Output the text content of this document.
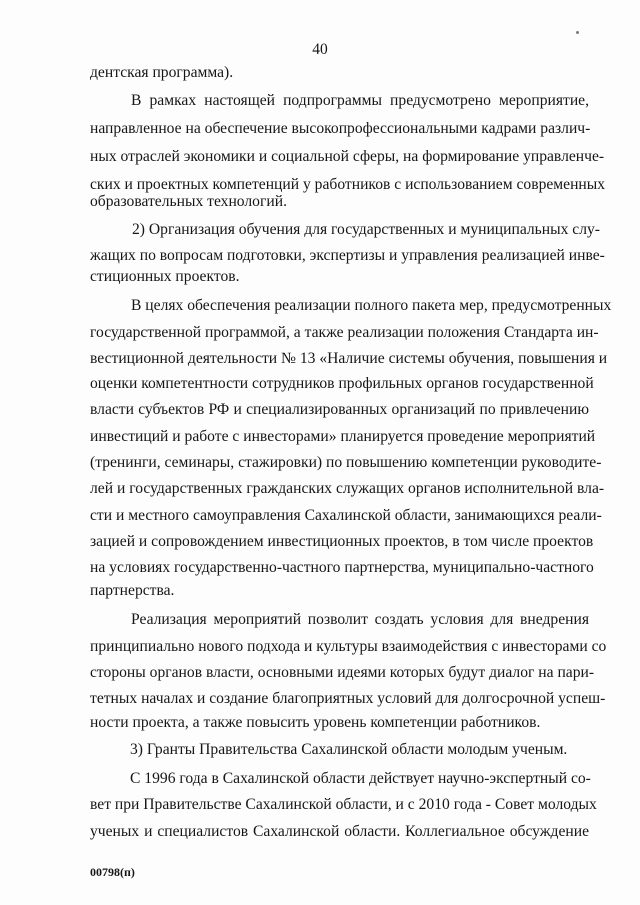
40
дентская программа).
В рамках настоящей подпрограммы предусмотрено мероприятие,
направленное на обеспечение высокопрофессиональными кадрами различ-
ных отраслей экономики и социальной сферы, на формирование управленче-
ских и проектных компетенций у работников с использованием современных
образовательных технологий.
2) Организация обучения для государственных и муниципальных слу-
жащих по вопросам подготовки, экспертизы и управления реализацией инве-
стиционных проектов.
В целях обеспечения реализации полного пакета мер, предусмотренных
государственной программой, а также реализации положения Стандарта ин-
вестиционной деятельности № 13 «Наличие системы обучения, повышения и
оценки компетентности сотрудников профильных органов государственной
власти субъектов РФ и специализированных организаций по привлечению
инвестиций и работе с инвесторами» планируется проведение мероприятий
(тренинги, семинары, стажировки) по повышению компетенции руководите-
лей и государственных гражданских служащих органов исполнительной вла-
сти и местного самоуправления Сахалинской области, занимающихся реали-
зацией и сопровождением инвестиционных проектов, в том числе проектов
на условиях государственно-частного партнерства, муниципально-частного
партнерства.
Реализация мероприятий позволит создать условия для внедрения
принципиально нового подхода и культуры взаимодействия с инвесторами со
стороны органов власти, основными идеями которых будут диалог на пари-
тетных началах и создание благоприятных условий для долгосрочной успеш-
ности проекта, а также повысить уровень компетенции работников.
3) Гранты Правительства Сахалинской области молодым ученым.
С 1996 года в Сахалинской области действует научно-экспертный со-
вет при Правительстве Сахалинской области, и с 2010 года - Совет молодых
ученых и специалистов Сахалинской области. Коллегиальное обсуждение
00798(п)
